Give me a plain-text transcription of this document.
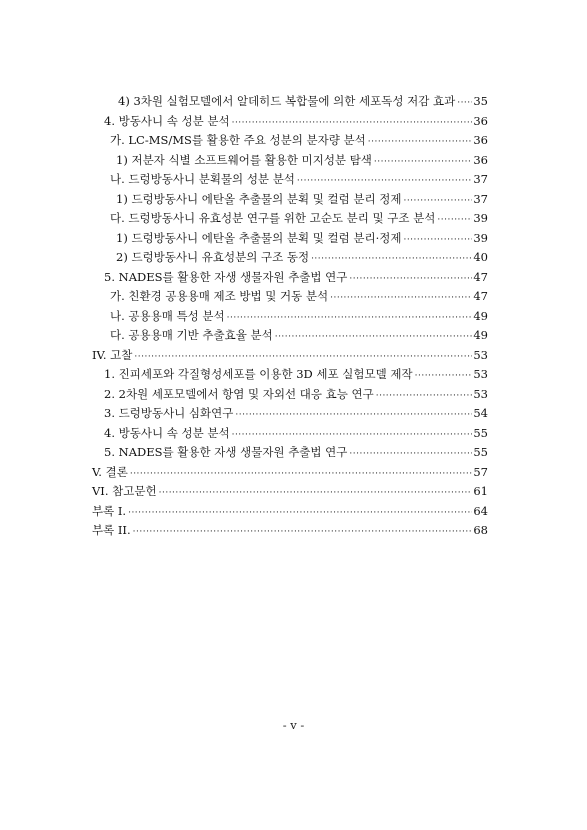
4) 3차원 실험모델에서 알데히드 복합물에 의한 세포독성 저감 효과 ····· 35
4. 방동사니 속 성분 분석 ·····	36
가. LC-MS/MS를 활용한 주요 성분의 분자량 분석 ·····	36
1) 저분자 식별 소프트웨어를 활용한 미지성분 탐색 ·····	36
나. 드렁방동사니 분획물의 성분 분석 ·····	37
1) 드렁방동사니 에탄올 추출물의 분획 및 컬럼 분리 정제 ·····	37
다. 드렁방동사니 유효성분 연구를 위한 고순도 분리 및 구조 분석 ·····	39
1) 드렁방동사니 에탄올 추출물의 분획 및 컬럼 분리·정제 ·····	39
2) 드렁방동사니 유효성분의 구조 동정 ·····	40
5. NADES를 활용한 자생 생물자원 추출법 연구 ·····	47
가. 친환경 공용용매 제조 방법 및 거동 분석 ·····	47
나. 공용용매 특성 분석 ·····	49
다. 공용용매 기반 추출효율 분석 ·····	49
IV. 고찰 ·····	53
1. 진피세포와 각질형성세포를 이용한 3D 세포 실험모델 제작 ·····	53
2. 2차원 세포모델에서 항염 및 자외선 대응 효능 연구 ·····	53
3. 드렁방동사니 심화연구 ·····	54
4. 방동사니 속 성분 분석 ·····	55
5. NADES를 활용한 자생 생물자원 추출법 연구 ·····	55
V. 결론 ·····	57
VI. 참고문헌 ·····	61
부록 I. ·····	64
부록 II. ·····	68
- v -
